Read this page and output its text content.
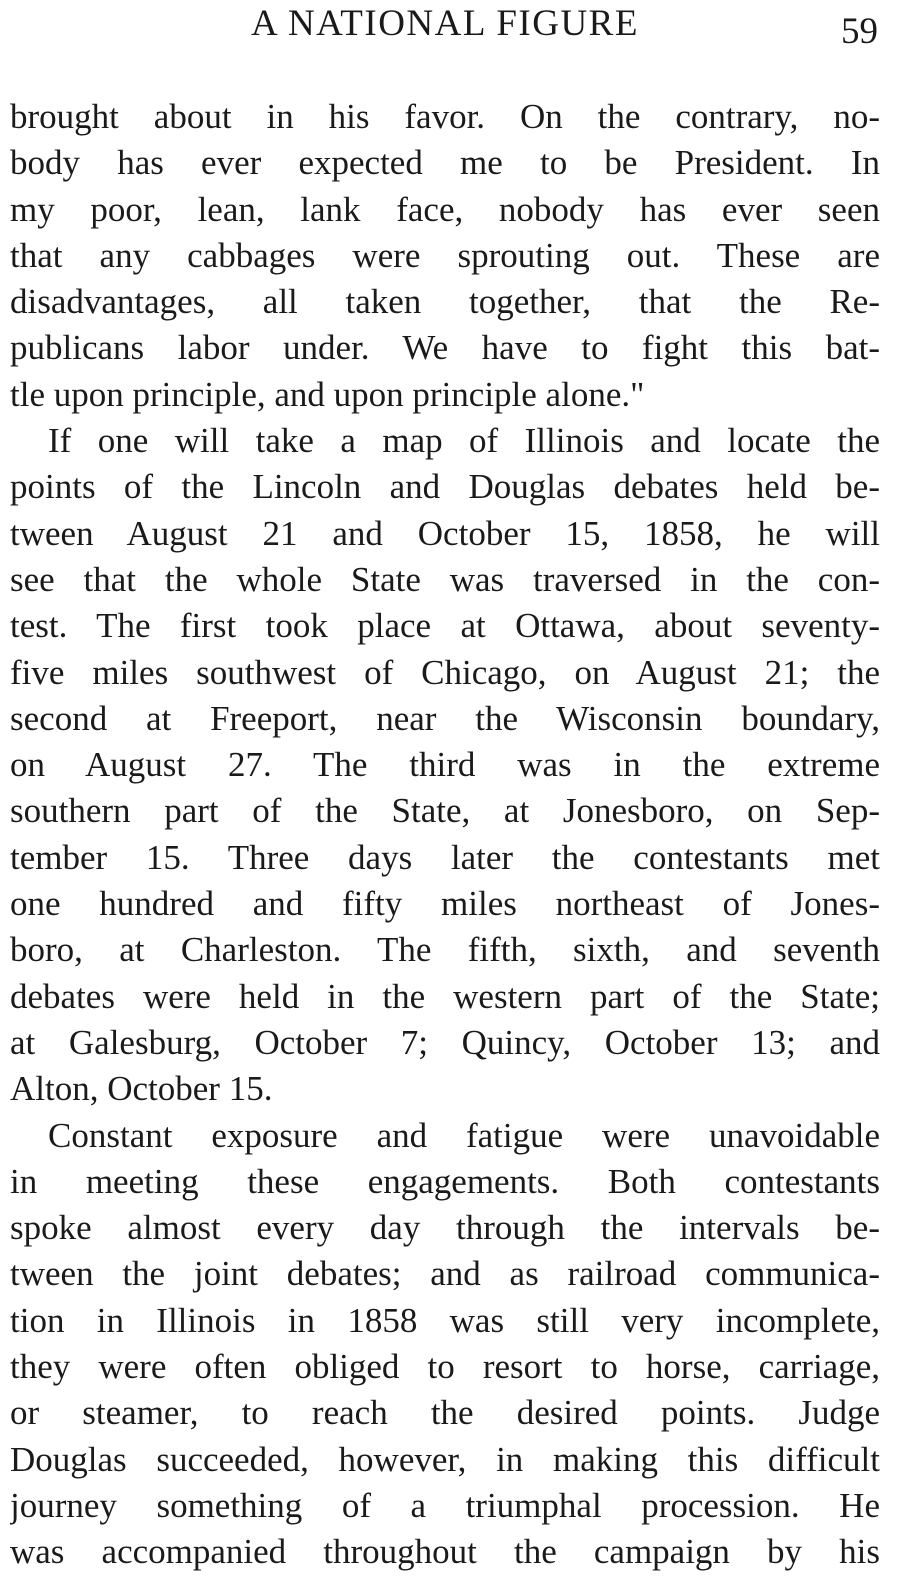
A NATIONAL FIGURE	59

brought about in his favor. On the contrary, no-
body has ever expected me to be President. In
my poor, lean, lank face, nobody has ever seen
that any cabbages were sprouting out. These are
disadvantages, all taken together, that the Re-
publicans labor under. We have to fight this bat-
tle upon principle, and upon principle alone."

If one will take a map of Illinois and locate the
points of the Lincoln and Douglas debates held be-
tween August 21 and October 15, 1858, he will
see that the whole State was traversed in the con-
test. The first took place at Ottawa, about seventy-
five miles southwest of Chicago, on August 21; the
second at Freeport, near the Wisconsin boundary,
on August 27. The third was in the extreme
southern part of the State, at Jonesboro, on Sep-
tember 15. Three days later the contestants met
one hundred and fifty miles northeast of Jones-
boro, at Charleston. The fifth, sixth, and seventh
debates were held in the western part of the State;
at Galesburg, October 7; Quincy, October 13; and
Alton, October 15.

Constant exposure and fatigue were unavoidable
in meeting these engagements. Both contestants
spoke almost every day through the intervals be-
tween the joint debates; and as railroad communica-
tion in Illinois in 1858 was still very incomplete,
they were often obliged to resort to horse, carriage,
or steamer, to reach the desired points. Judge
Douglas succeeded, however, in making this difficult
journey something of a triumphal procession. He
was accompanied throughout the campaign by his
